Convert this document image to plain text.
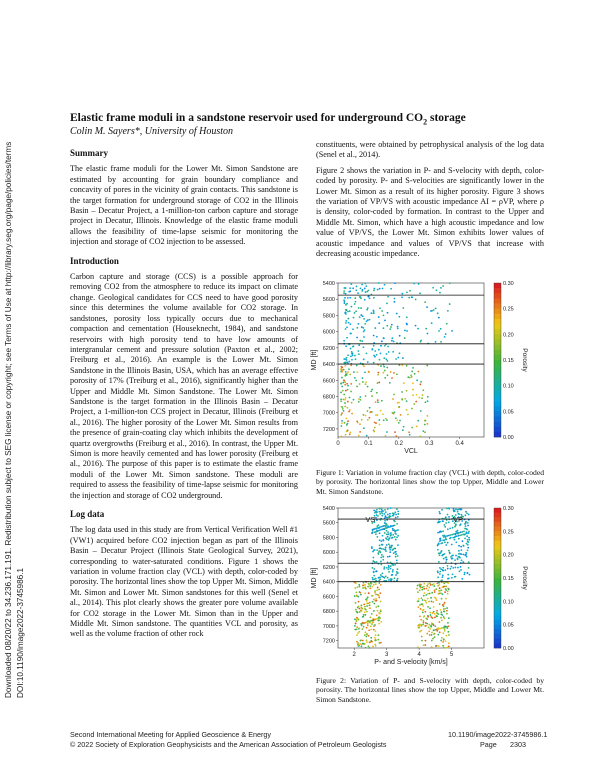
Downloaded 08/20/22 to 34.236.171.191. Redistribution subject to SEG license or copyright; see Terms of Use at http://library.seg.org/page/policies/terms DOI:10.1190/image2022-3745986.1
Elastic frame moduli in a sandstone reservoir used for underground $CO_2$ storage
Colin M. Sayers*, University of Houston
Summary

The elastic frame moduli for the Lower Mt. Simon Sandstone are estimated by accounting for grain boundary compliance and concavity of pores in the vicinity of grain contacts. This sandstone is the target formation for underground storage of CO2 in the Illinois Basin – Decatur Project, a 1-million-ton carbon capture and storage project in Decatur, Illinois. Knowledge of the elastic frame moduli allows the feasibility of time-lapse seismic for monitoring the injection and storage of CO2 injection to be assessed.

Introduction

Carbon capture and storage (CCS) is a possible approach for removing CO2 from the atmosphere to reduce its impact on climate change. Geological candidates for CCS need to have good porosity since this determines the volume available for CO2 storage. In sandstones, porosity loss typically occurs due to mechanical compaction and cementation (Houseknecht, 1984), and sandstone reservoirs with high porosity tend to have low amounts of intergranular cement and pressure solution (Paxton et al., 2002; Freiburg et al., 2016). An example is the Lower Mt. Simon Sandstone in the Illinois Basin, USA, which has an average effective porosity of 17% (Treiburg et al., 2016), significantly higher than the Upper and Middle Mt. Simon Sandstone. The Lower Mt. Simon Sandstone is the target formation in the Illinois Basin – Decatur Project, a 1-million-ton CCS project in Decatur, Illinois (Freiburg et al., 2016). The higher porosity of the Lower Mt. Simon results from the presence of grain-coating clay which inhibits the development of quartz overgrowths (Freiburg et al., 2016). In contrast, the Upper Mt. Simon is more heavily cemented and has lower porosity (Freiburg et al., 2016). The purpose of this paper is to estimate the elastic frame moduli of the Lower Mt. Simon sandstone. These moduli are required to assess the feasibility of time-lapse seismic for monitoring the injection and storage of CO2 underground.

Log data

The log data used in this study are from Vertical Verification Well #1 (VW1) acquired before CO2 injection began as part of the Illinois Basin – Decatur Project (Illinois State Geological Survey, 2021), corresponding to water-saturated conditions. Figure 1 shows the variation in volume fraction clay (VCL) with depth, color-coded by porosity. The horizontal lines show the top Upper Mt. Simon, Middle Mt. Simon and Lower Mt. Simon sandstones for this well (Senel et al., 2014). This plot clearly shows the greater pore volume available for CO2 storage in the Lower Mt. Simon than in the Upper and Middle Mt. Simon sandstone. The quantities VCL and porosity, as well as the volume fraction of other rock

constituents, were obtained by petrophysical analysis of the log data (Senel et al., 2014).

Figure 2 shows the variation in P- and S-velocity with depth, color-coded by porosity. P- and S-velocities are significantly lower in the Lower Mt. Simon as a result of its higher porosity. Figure 3 shows the variation of VP/VS with acoustic impedance AI = ρVP, where ρ is density, color-coded by formation. In contrast to the Upper and Middle Mt. Simon, which have a high acoustic impedance and low value of VP/VS, the Lower Mt. Simon exhibits lower values of acoustic impedance and values of VP/VS that increase with decreasing acoustic impedance.

5400
5600
5800
6000
6200
6400
6600
6800
7000
7200
0	0.1	0.2	0.3	0.4
VCL
MD [ft]
0.00
0.05
0.10
0.15
0.20
0.25
0.30
Porosity
Figure 1: Variation in volume fraction clay (VCL) with depth, color-coded by porosity. The horizontal lines show the top Upper, Middle and Lower Mt. Simon Sandstone.
5400
5600
5800
6000
6200
6400
6600
6800
7000
7200
2	3	4	5
P- and S-velocity [km/s]
MD [ft]
0.00
0.05
0.10
0.15
0.20
0.25
0.30
Porosity
VS	VP
Figure 2: Variation of P- and S-velocity with depth, color-coded by porosity. The horizontal lines show the top Upper, Middle and Lower Mt. Simon Sandstone.
Second International Meeting for Applied Geoscience & Energy
© 2022 Society of Exploration Geophysicists and the American Association of Petroleum Geologists
10.1190/image2022-3745986.1
Page 2303
